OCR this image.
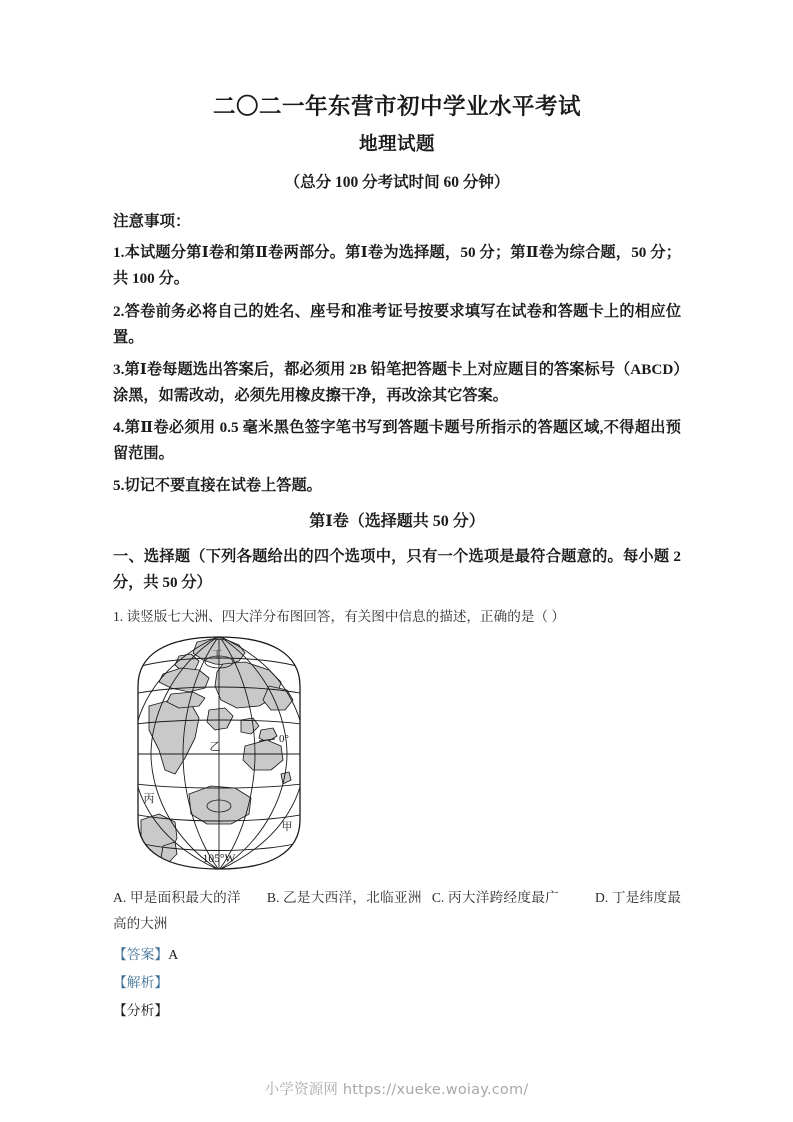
二〇二一年东营市初中学业水平考试
地理试题
（总分 100 分考试时间 60 分钟）
注意事项：

1.本试题分第Ⅰ卷和第Ⅱ卷两部分。第Ⅰ卷为选择题，50 分；第Ⅱ卷为综合题，50 分；共 100 分。

2.答卷前务必将自己的姓名、座号和准考证号按要求填写在试卷和答题卡上的相应位置。

3.第Ⅰ卷每题选出答案后，都必须用 2B 铅笔把答题卡上对应题目的答案标号（ABCD）涂黑，如需改动，必须先用橡皮擦干净，再改涂其它答案。

4.第Ⅱ卷必须用 0.5 毫米黑色签字笔书写到答题卡题号所指示的答题区域,不得超出预留范围。

5.切记不要直接在试卷上答题。

第Ⅰ卷（选择题共 50 分）

一、选择题（下列各题给出的四个选项中，只有一个选项是最符合题意的。每小题 2 分，共 50 分）

1. 读竖版七大洲、四大洋分布图回答，有关图中信息的描述，正确的是（ ）

丁
乙
丙
甲
0°
105°W

A. 甲是面积最大的洋 B. 乙是大西洋，北临亚洲 C. 丙大洋跨经度最广	D. 丁是纬度最高的大洲

【答案】A
【解析】
【分析】
小学资源网 https://xueke.woiay.com/
